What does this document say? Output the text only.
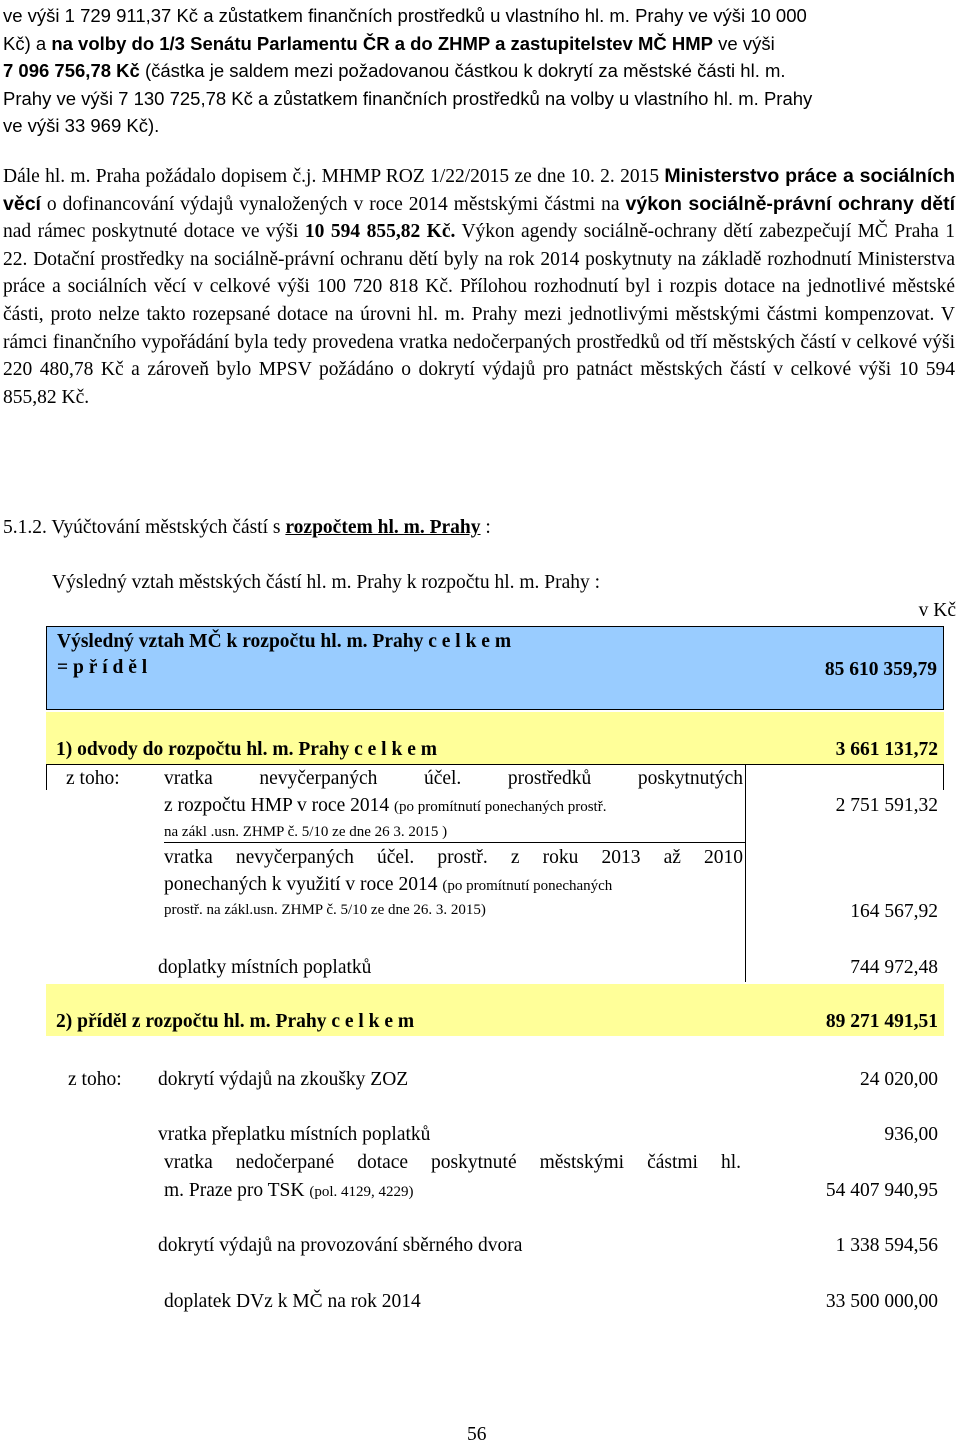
ve výši 1 729 911,37 Kč a zůstatkem finančních prostředků u vlastního hl. m. Prahy ve výši 10 000
Kč) a na volby do 1/3 Senátu Parlamentu ČR a do ZHMP a zastupitelstev MČ HMP ve výši
7 096 756,78 Kč (částka je saldem mezi požadovanou částkou k dokrytí za městské části hl. m.
Prahy ve výši 7 130 725,78 Kč a zůstatkem finančních prostředků na volby u vlastního hl. m. Prahy
ve výši 33 969 Kč).

Dále hl. m. Praha požádalo dopisem č.j. MHMP ROZ 1/22/2015 ze dne 10. 2. 2015 Ministerstvo práce a sociálních věcí o dofinancování výdajů vynaložených v roce 2014 městskými částmi na výkon sociálně-právní ochrany dětí nad rámec poskytnuté dotace ve výši 10 594 855,82 Kč. Výkon agendy sociálně-ochrany dětí zabezpečují MČ Praha 1 22. Dotační prostředky na sociálně-právní ochranu dětí byly na rok 2014 poskytnuty na základě rozhodnutí Ministerstva práce a sociálních věcí v celkové výši 100 720 818 Kč. Přílohou rozhodnutí byl i rozpis dotace na jednotlivé městské části, proto nelze takto rozepsané dotace na úrovni hl. m. Prahy mezi jednotlivými městskými částmi kompenzovat. V rámci finančního vypořádání byla tedy provedena vratka nedočerpaných prostředků od tří městských částí v celkové výši 220 480,78 Kč a zároveň bylo MPSV požádáno o dokrytí výdajů pro patnáct městských částí v celkové výši 10 594 855,82 Kč.

5.1.2. Vyúčtování městských částí s rozpočtem hl. m. Prahy :
Výsledný vztah městských částí hl. m. Prahy k rozpočtu hl. m. Prahy :
v Kč
Výsledný vztah MČ k rozpočtu hl. m. Prahy c e l k e m
= p ř í d ě l	85 610 359,79
1) odvody do rozpočtu hl. m. Prahy c e l k e m	3 661 131,72
z toho: vratka nevyčerpaných účel. prostředků poskytnutých
z rozpočtu HMP v roce 2014 (po promítnutí ponechaných prostř.
na zákl .usn. ZHMP č. 5/10 ze dne 26 3. 2015 )
2 751 591,32
vratka nevyčerpaných účel. prostř. z roku 2013 až 2010
ponechaných k využití v roce 2014 (po promítnutí ponechaných
prostř. na zákl.usn. ZHMP č. 5/10 ze dne 26. 3. 2015)	164 567,92
doplatky místních poplatků	744 972,48
2) příděl z rozpočtu hl. m. Prahy c e l k e m	89 271 491,51
z toho: dokrytí výdajů na zkoušky ZOZ	24 020,00
vratka přeplatku místních poplatků	936,00
vratka nedočerpané dotace poskytnuté městskými částmi hl.
m. Praze pro TSK (pol. 4129, 4229)	54 407 940,95
dokrytí výdajů na provozování sběrného dvora	1 338 594,56
doplatek DVz k MČ na rok 2014	33 500 000,00
56
